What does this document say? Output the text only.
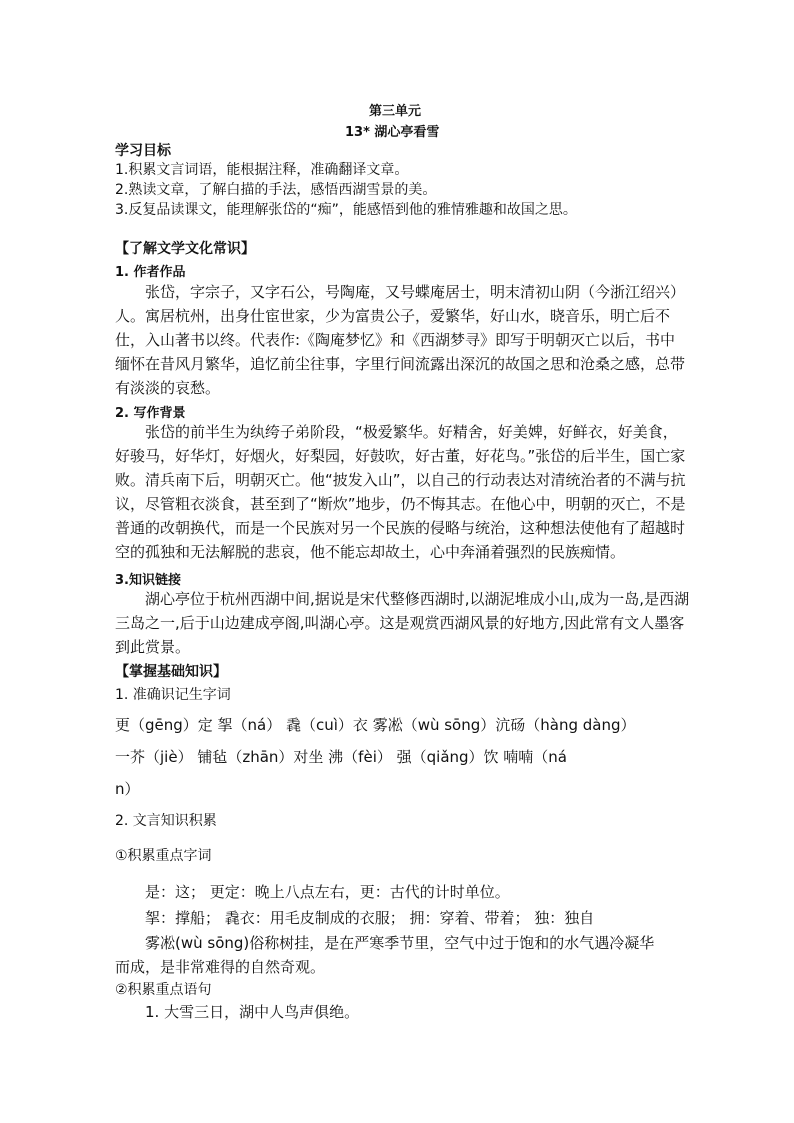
第三单元
13* 湖心亭看雪
学习目标
1.积累文言词语，能根据注释，准确翻译文章。
2.熟读文章，了解白描的手法，感悟西湖雪景的美。
3.反复品读课文，能理解张岱的“痴”，能感悟到他的雅情雅趣和故国之思。
【了解文学文化常识】
1. 作者作品

张岱，字宗子，又字石公，号陶庵，又号蝶庵居士，明末清初山阴（今浙江绍兴）人。寓居杭州，出身仕宦世家，少为富贵公子，爱繁华，好山水，晓音乐，明亡后不仕，入山著书以终。代表作:《陶庵梦忆》和《西湖梦寻》即写于明朝灭亡以后，书中缅怀在昔风月繁华，追忆前尘往事，字里行间流露出深沉的故国之思和沧桑之感，总带有淡淡的哀愁。

2. 写作背景

张岱的前半生为纨绔子弟阶段，“极爱繁华。好精舍，好美婢，好鲜衣，好美食，好骏马，好华灯，好烟火，好梨园，好鼓吹，好古董，好花鸟。”张岱的后半生，国亡家败。清兵南下后，明朝灭亡。他“披发入山”，以自己的行动表达对清统治者的不满与抗议，尽管粗衣淡食，甚至到了“断炊”地步，仍不悔其志。在他心中，明朝的灭亡，不是普通的改朝换代，而是一个民族对另一个民族的侵略与统治，这种想法使他有了超越时空的孤独和无法解脱的悲哀，他不能忘却故土，心中奔涌着强烈的民族痴情。

3.知识链接

湖心亭位于杭州西湖中间,据说是宋代整修西湖时,以湖泥堆成小山,成为一岛,是西湖三岛之一,后于山边建成亭阁,叫湖心亭。这是观赏西湖风景的好地方,因此常有文人墨客到此赏景。

【掌握基础知识】
1. 准确识记生字词
更（gēng）定 挐（ná） 毳（cuì）衣 雾凇（wù sōng）沆砀（hàng dàng）
一芥（jiè） 铺毡（zhān）对坐 沸（fèi） 强（qiǎng）饮 喃喃（ná
n）
2. 文言知识积累
①积累重点字词
是：这； 更定：晚上八点左右，更：古代的计时单位。
挐：撑船； 毳衣：用毛皮制成的衣服； 拥：穿着、带着； 独：独自
雾凇(wù sōng)俗称树挂，是在严寒季节里，空气中过于饱和的水气遇冷凝华
而成，是非常难得的自然奇观。
②积累重点语句
1. 大雪三日，湖中人鸟声俱绝。
